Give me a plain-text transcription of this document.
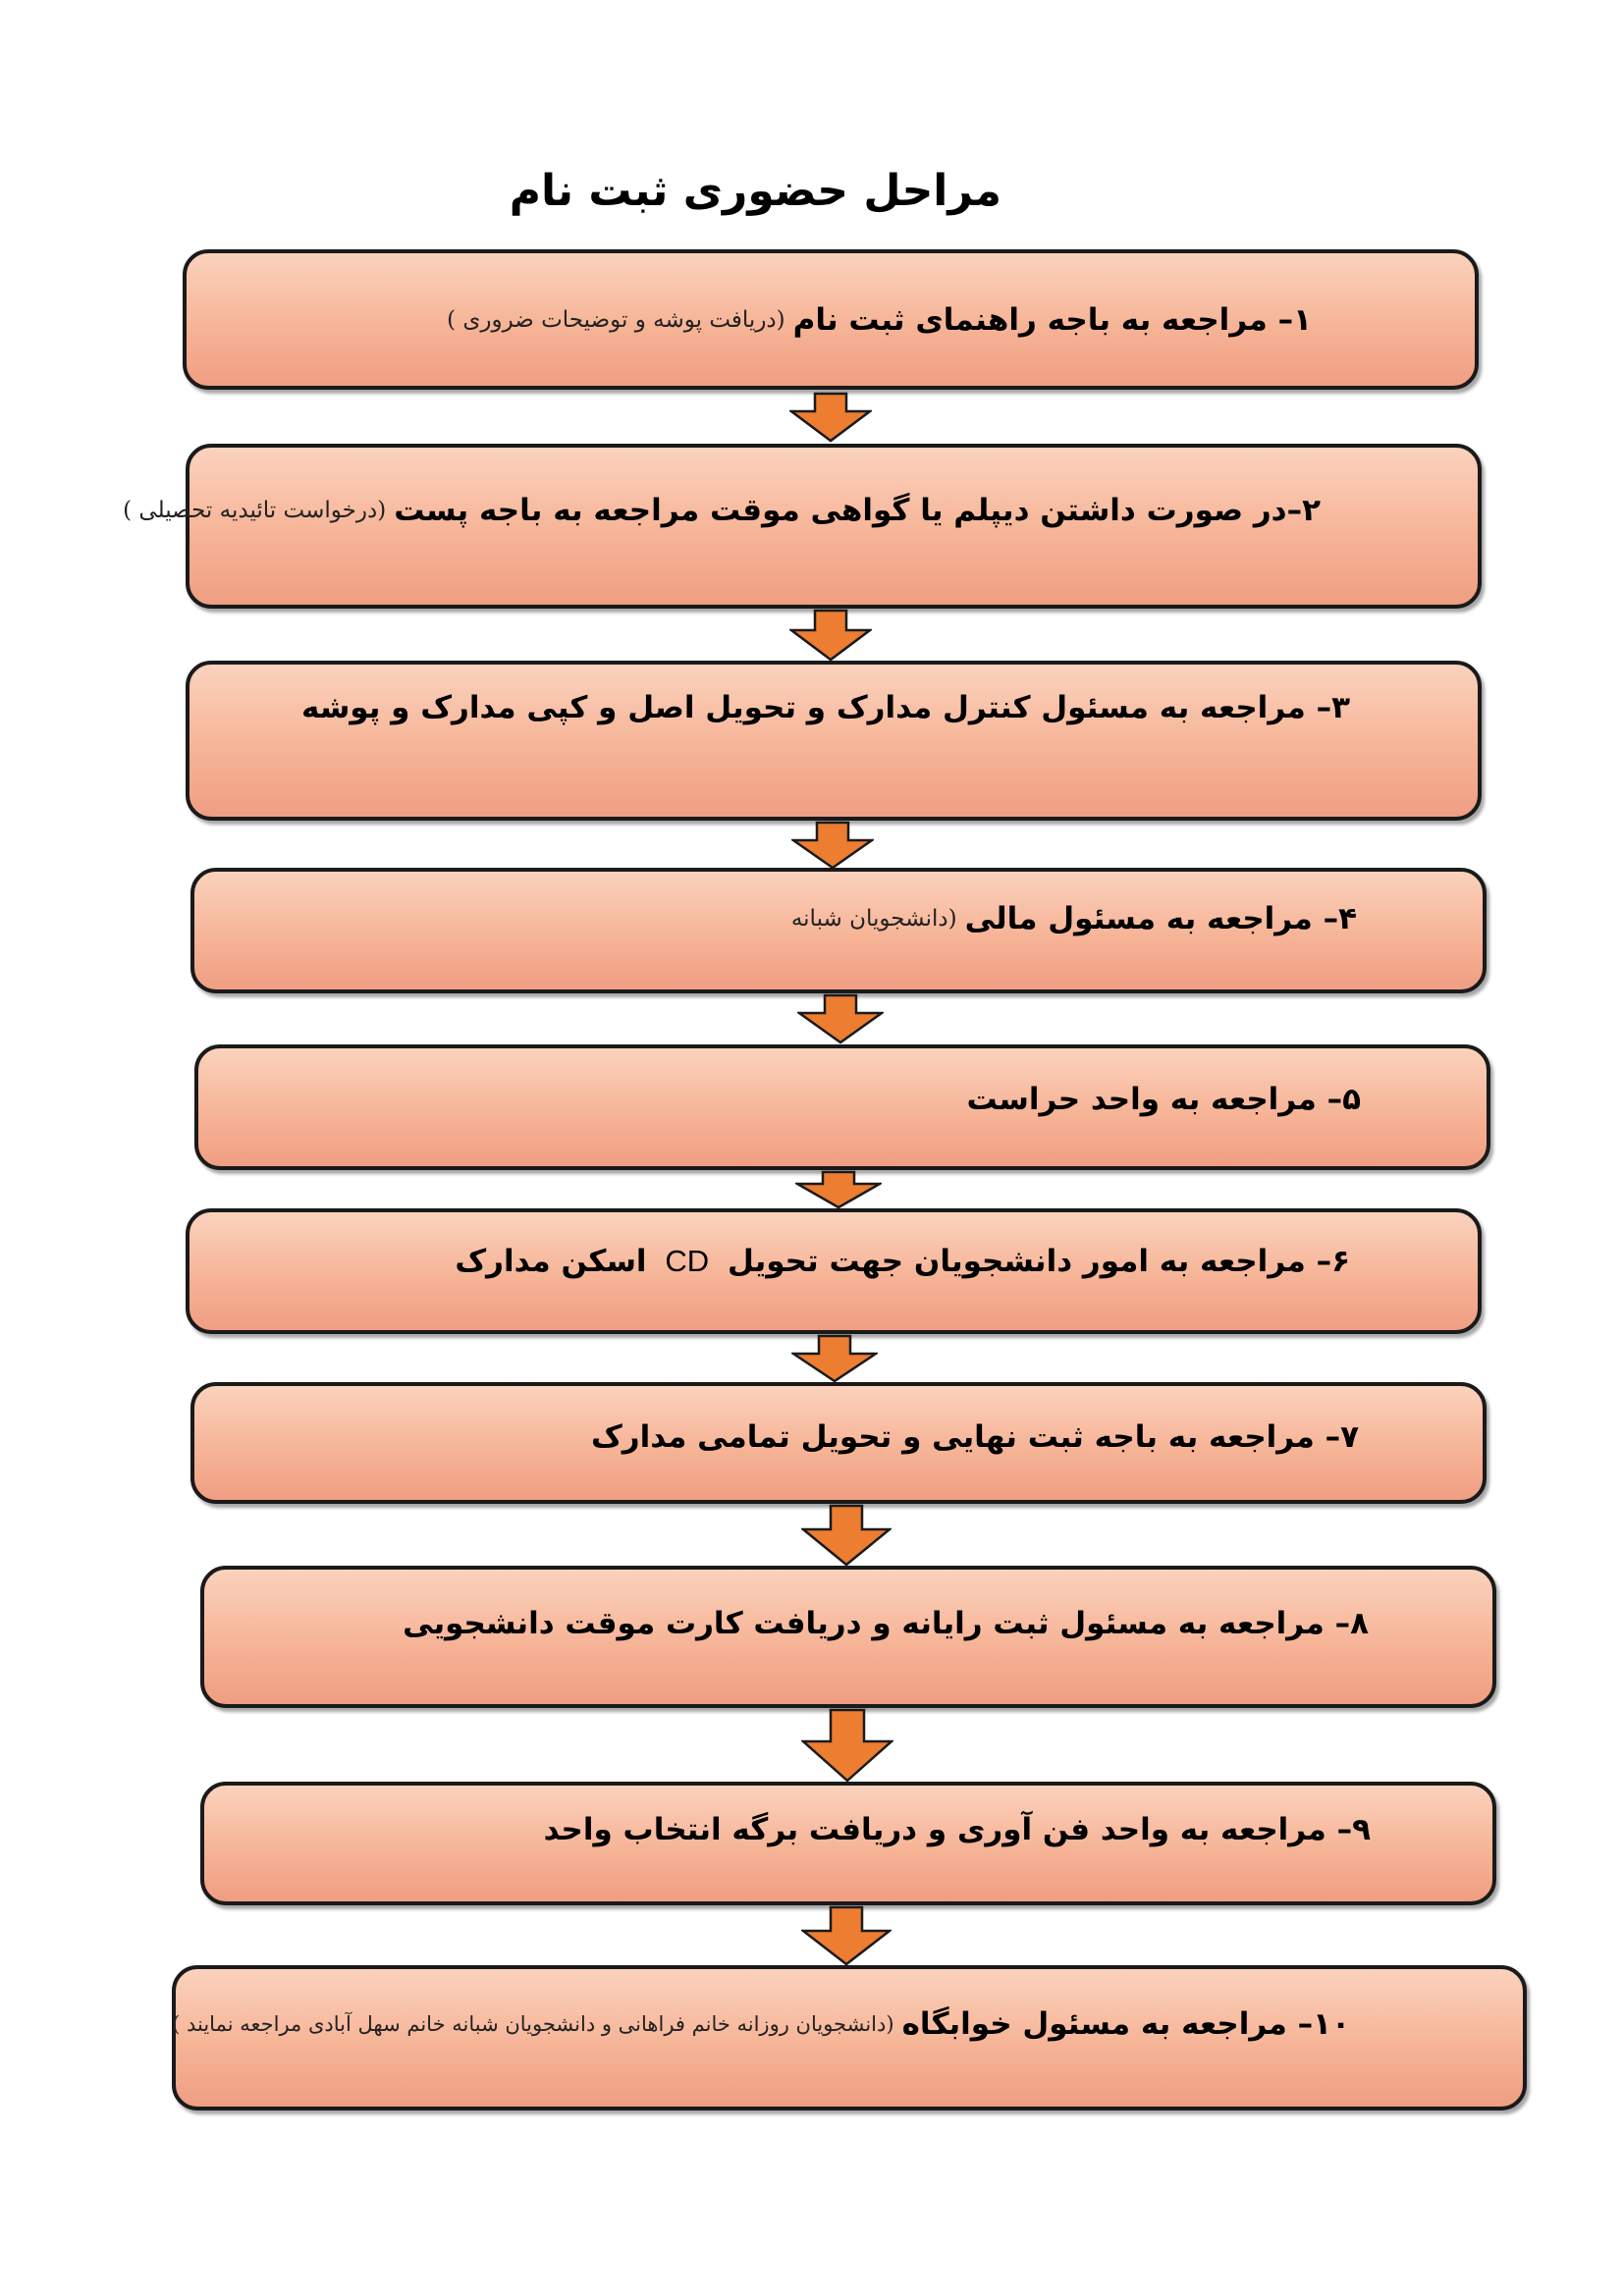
مراحل حضوری ثبت نام
۱– مراجعه به باجه راهنمای ثبت نام
(دریافت پوشه و توضیحات ضروری )
۲–در صورت داشتن دیپلم یا گواهی موقت مراجعه به باجه پست
(درخواست تائیدیه تحصیلی )
۳– مراجعه به مسئول کنترل مدارک و تحویل اصل و کپی مدارک و پوشه
۴– مراجعه به مسئول مالی
(دانشجویان شبانه
۵– مراجعه به واحد حراست
۶– مراجعه به امور دانشجویان جهت تحویل CD اسکن مدارک
۷– مراجعه به باجه ثبت نهایی و تحویل تمامی مدارک
۸– مراجعه به مسئول ثبت رایانه و دریافت کارت موقت دانشجویی
۹– مراجعه به واحد فن آوری و دریافت برگه انتخاب واحد
۱۰– مراجعه به مسئول خوابگاه
(دانشجویان روزانه خانم فراهانی و دانشجویان شبانه خانم سهل آبادی مراجعه نمایند )
